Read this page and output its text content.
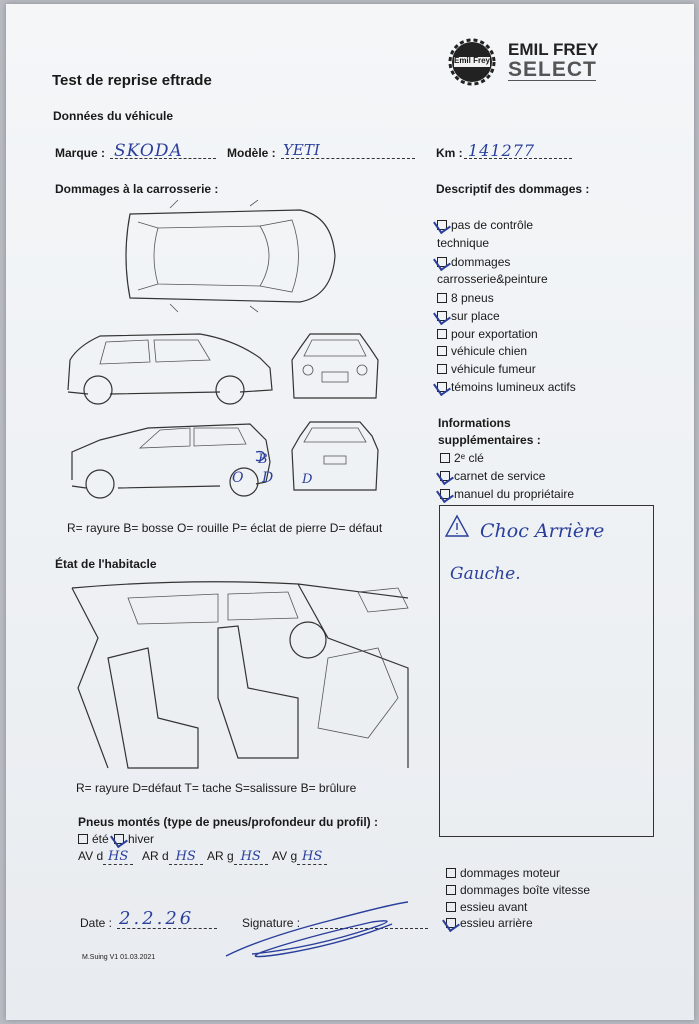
Emil Frey
EMIL FREY
SELECT
Test de reprise eftrade
Données du véhicule
Marque : SKODA	Modèle : YETI	Km : 141277
Dommages à la carrosserie :	Descriptif des dommages :
B
O D D
R= rayure B= bosse O= rouille P= éclat de pierre D= défaut
pas de contrôle
technique
dommages
carrosserie&peinture
8 pneus
sur place
pour exportation
véhicule chien
véhicule fumeur
témoins lumineux actifs
Informations
supplémentaires :
2ᵉ clé
carnet de service
manuel du propriétaire
Choc Arrière
Gauche.
État de l'habitacle
R= rayure D=défaut T= tache S=salissure B= brûlure
Pneus montés (type de pneus/profondeur du profil) :
été	hiver
AV d HS	AR d HS AR g HS AV g HS
dommages moteur
dommages boîte vitesse
essieu avant
essieu arrière
Date : 2.2.26	Signature :
M.Suing V1 01.03.2021
